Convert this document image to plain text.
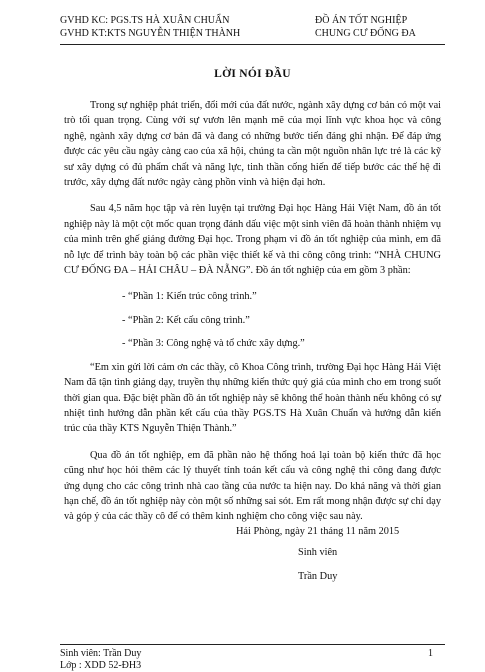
GVHD KC: PGS.TS HÀ XUÂN CHUẨN	ĐỒ ÁN TỐT NGHIỆP
GVHD KT:KTS NGUYỄN THIỆN THÀNH	CHUNG CƯ ĐỐNG ĐA
LỜI NÓI ĐẦU

Trong sự nghiệp phát triển, đổi mới của đất nước, ngành xây dựng cơ bản có một vai trò tối quan trọng. Cùng với sự vươn lên mạnh mẽ của mọi lĩnh vực khoa học và công nghệ, ngành xây dựng cơ bản đã và đang có những bước tiến đáng ghi nhận. Để đáp ứng được các yêu cầu ngày càng cao của xã hội, chúng ta cần một nguồn nhân lực trẻ là các kỹ sư xây dựng có đủ phẩm chất và năng lực, tinh thần cống hiến để tiếp bước các thế hệ đi trước, xây dựng đất nước ngày càng phồn vinh và hiện đại hơn.

Sau 4,5 năm học tập và rèn luyện tại trường Đại học Hàng Hải Việt Nam, đồ án tốt nghiệp này là một cột mốc quan trọng đánh dấu việc một sinh viên đã hoàn thành nhiệm vụ của mình trên ghế giảng đường Đại học. Trong phạm vi đồ án tốt nghiệp của mình, em đã nỗ lực để trình bày toàn bộ các phần việc thiết kế và thi công công trình: “NHÀ CHUNG CƯ ĐỐNG ĐA – HẢI CHÂU – ĐÀ NẴNG”. Đồ án tốt nghiệp của em gồm 3 phần:

- “Phần 1: Kiến trúc công trình.”
- “Phần 2: Kết cấu công trình.”
- “Phần 3: Công nghệ và tổ chức xây dựng.”

“Em xin gửi lời cảm ơn các thầy, cô Khoa Công trình, trường Đại học Hàng Hải Việt Nam đã tận tình giảng dạy, truyền thụ những kiến thức quý giá của mình cho em trong suốt thời gian qua. Đặc biệt phần đồ án tốt nghiệp này sẽ không thể hoàn thành nếu không có sự nhiệt tình hướng dẫn phần kết cấu của thầy PGS.TS Hà Xuân Chuẩn và hướng dẫn kiến trúc của thầy KTS Nguyễn Thiện Thành.”

Qua đồ án tốt nghiệp, em đã phần nào hệ thống hoá lại toàn bộ kiến thức đã học cũng như học hỏi thêm các lý thuyết tính toán kết cấu và công nghệ thi công đang được ứng dụng cho các công trình nhà cao tầng của nước ta hiện nay. Do khả năng và thời gian hạn chế, đồ án tốt nghiệp này còn một số những sai sót. Em rất mong nhận được sự chỉ dạy và góp ý của các thầy cô để có thêm kinh nghiệm cho công việc sau này.

Hải Phòng, ngày 21 tháng 11 năm 2015
Sinh viên
Trần Duy
Sinh viên: Trần Duy
Lớp : XDD 52-ĐH3
1
